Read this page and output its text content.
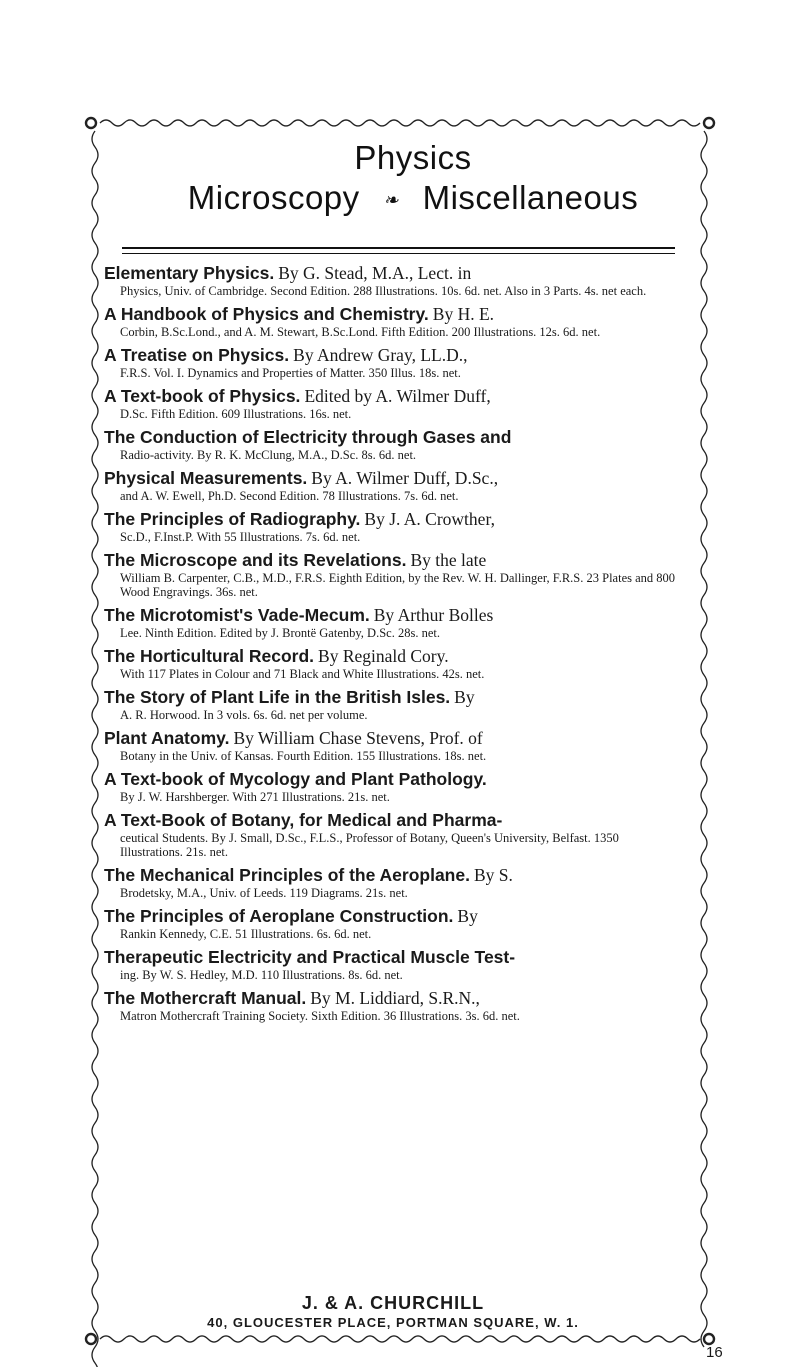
Physics
Microscopy ❧ Miscellaneous
Elementary Physics. By G. Stead, M.A., Lect. in
Physics, Univ. of Cambridge. Second Edition. 288 Illustrations. 10s. 6d. net. Also in 3 Parts. 4s. net each.
A Handbook of Physics and Chemistry. By H. E.
Corbin, B.Sc.Lond., and A. M. Stewart, B.Sc.Lond. Fifth Edition. 200 Illustrations. 12s. 6d. net.
A Treatise on Physics. By Andrew Gray, LL.D.,
F.R.S. Vol. I. Dynamics and Properties of Matter. 350 Illus. 18s. net.
A Text-book of Physics. Edited by A. Wilmer Duff,
D.Sc. Fifth Edition. 609 Illustrations. 16s. net.
The Conduction of Electricity through Gases and
Radio-activity. By R. K. McClung, M.A., D.Sc. 8s. 6d. net.
Physical Measurements. By A. Wilmer Duff, D.Sc.,
and A. W. Ewell, Ph.D. Second Edition. 78 Illustrations. 7s. 6d. net.
The Principles of Radiography. By J. A. Crowther,
Sc.D., F.Inst.P. With 55 Illustrations. 7s. 6d. net.
The Microscope and its Revelations. By the late
William B. Carpenter, C.B., M.D., F.R.S. Eighth Edition, by the Rev. W. H. Dallinger, F.R.S. 23 Plates and 800 Wood Engravings. 36s. net.
The Microtomist's Vade-Mecum. By Arthur Bolles
Lee. Ninth Edition. Edited by J. Brontë Gatenby, D.Sc. 28s. net.
The Horticultural Record. By Reginald Cory.
With 117 Plates in Colour and 71 Black and White Illustrations. 42s. net.
The Story of Plant Life in the British Isles. By
A. R. Horwood. In 3 vols. 6s. 6d. net per volume.
Plant Anatomy. By William Chase Stevens, Prof. of
Botany in the Univ. of Kansas. Fourth Edition. 155 Illustrations. 18s. net.
A Text-book of Mycology and Plant Pathology.
By J. W. Harshberger. With 271 Illustrations. 21s. net.
A Text-Book of Botany, for Medical and Pharma-
ceutical Students. By J. Small, D.Sc., F.L.S., Professor of Botany, Queen's University, Belfast. 1350 Illustrations. 21s. net.
The Mechanical Principles of the Aeroplane. By S.
Brodetsky, M.A., Univ. of Leeds. 119 Diagrams. 21s. net.
The Principles of Aeroplane Construction. By
Rankin Kennedy, C.E. 51 Illustrations. 6s. 6d. net.
Therapeutic Electricity and Practical Muscle Test-
ing. By W. S. Hedley, M.D. 110 Illustrations. 8s. 6d. net.
The Mothercraft Manual. By M. Liddiard, S.R.N.,
Matron Mothercraft Training Society. Sixth Edition. 36 Illustrations. 3s. 6d. net.
J. & A. CHURCHILL
40, GLOUCESTER PLACE, PORTMAN SQUARE, W. 1.
16
